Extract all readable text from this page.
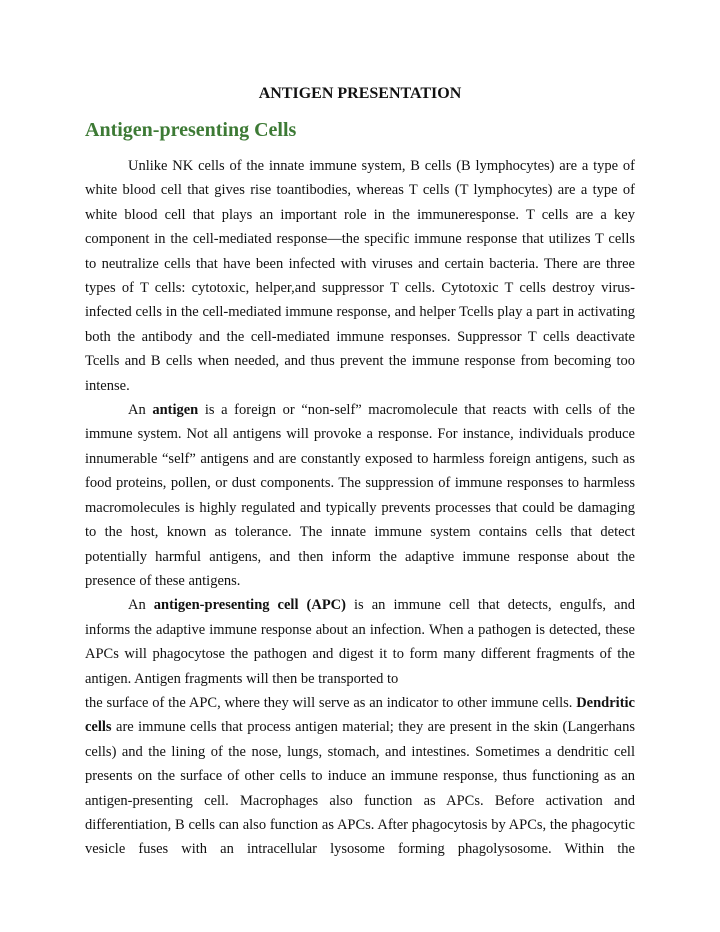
ANTIGEN PRESENTATION
Antigen-presenting Cells

Unlike NK cells of the innate immune system, B cells (B lymphocytes) are a type of white blood cell that gives rise toantibodies, whereas T cells (T lymphocytes) are a type of white blood cell that plays an important role in the immuneresponse. T cells are a key component in the cell-mediated response—the specific immune response that utilizes T cells to neutralize cells that have been infected with viruses and certain bacteria. There are three types of T cells: cytotoxic, helper,and suppressor T cells. Cytotoxic T cells destroy virus-infected cells in the cell-mediated immune response, and helper Tcells play a part in activating both the antibody and the cell-mediated immune responses. Suppressor T cells deactivate Tcells and B cells when needed, and thus prevent the immune response from becoming too intense.

An antigen is a foreign or “non-self” macromolecule that reacts with cells of the immune system. Not all antigens will provoke a response. For instance, individuals produce innumerable “self” antigens and are constantly exposed to harmless foreign antigens, such as food proteins, pollen, or dust components. The suppression of immune responses to harmless macromolecules is highly regulated and typically prevents processes that could be damaging to the host, known as tolerance. The innate immune system contains cells that detect potentially harmful antigens, and then inform the adaptive immune response about the presence of these antigens.

An antigen-presenting cell (APC) is an immune cell that detects, engulfs, and informs the adaptive immune response about an infection. When a pathogen is detected, these APCs will phagocytose the pathogen and digest it to form many different fragments of the antigen. Antigen fragments will then be transported to

the surface of the APC, where they will serve as an indicator to other immune cells. Dendritic cells are immune cells that process antigen material; they are present in the skin (Langerhans cells) and the lining of the nose, lungs, stomach, and intestines. Sometimes a dendritic cell presents on the surface of other cells to induce an immune response, thus functioning as an antigen-presenting cell. Macrophages also function as APCs. Before activation and differentiation, B cells can also function as APCs. After phagocytosis by APCs, the phagocytic vesicle fuses with an intracellular lysosome forming phagolysosome. Within the
